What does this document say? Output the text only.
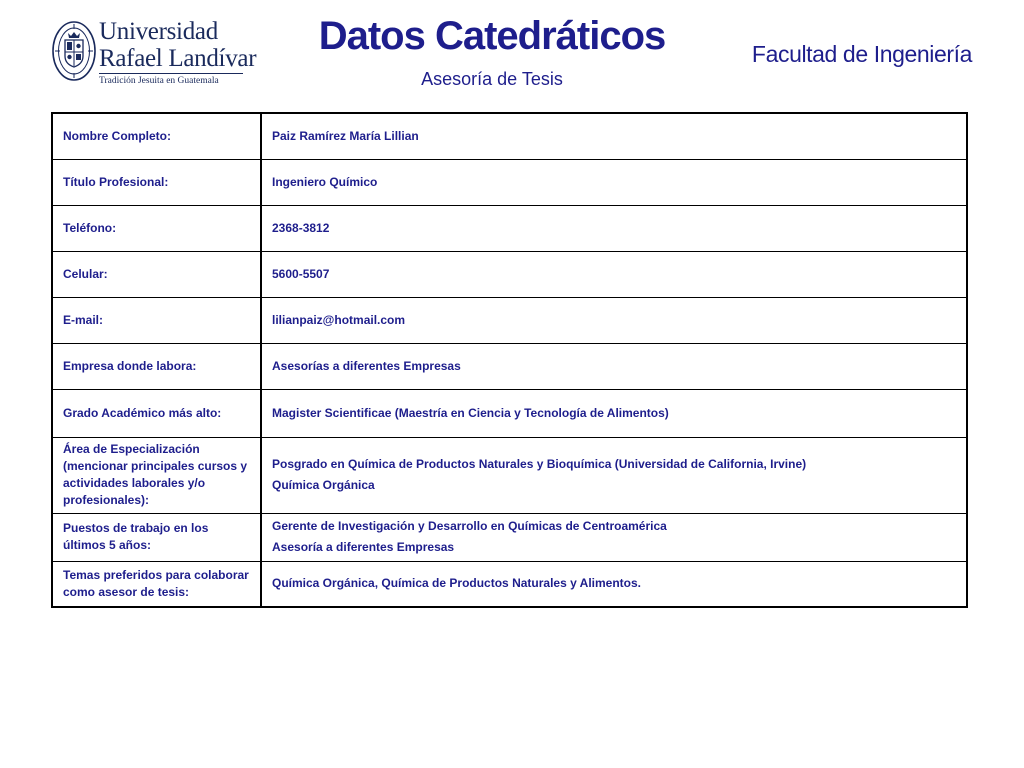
Universidad
Rafael Landívar
Tradición Jesuita en Guatemala
Datos Catedráticos
Asesoría de Tesis
Facultad de Ingeniería
Nombre Completo:	Paiz Ramírez María Lillian

Título Profesional:	Ingeniero Químico

Teléfono:	2368-3812

Celular:	5600-5507

E-mail:	lilianpaiz@hotmail.com

Empresa donde labora:	Asesorías a diferentes Empresas

Grado Académico más alto:	Magister Scientificae (Maestría en Ciencia y Tecnología de Alimentos)

Área de Especialización (mencionar principales cursos y actividades laborales y/o profesionales):	Posgrado en Química de Productos Naturales y Bioquímica (Universidad de California, Irvine)
Química Orgánica

Puestos de trabajo en los últimos 5 años:	Gerente de Investigación y Desarrollo en Químicas de Centroamérica
Asesoría a diferentes Empresas

Temas preferidos para colaborar como asesor de tesis:	Química Orgánica, Química de Productos Naturales y Alimentos.
